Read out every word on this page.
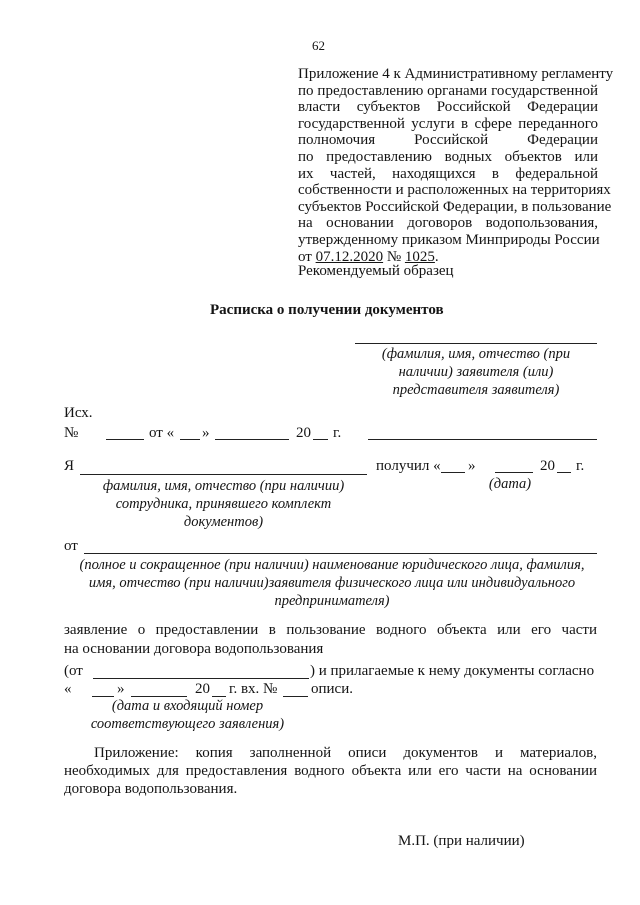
62
Приложение 4 к Административному регламенту
по предоставлению органами государственной
власти субъектов Российской Федерации
государственной услуги в сфере переданного
полномочия Российской Федерации
по предоставлению водных объектов или
их частей, находящихся в федеральной
собственности и расположенных на территориях
субъектов Российской Федерации, в пользование
на основании договоров водопользования,
утвержденному приказом Минприроды России
от 07.12.2020 № 1025.
Рекомендуемый образец
Расписка о получении документов
(фамилия, имя, отчество (при
наличии) заявителя (или)
представителя заявителя)
Исх.
№	от « »	20 г.
Я	получил « »	20 г.
фамилия, имя, отчество (при наличии)
сотрудника, принявшего комплект
документов)
(дата)
от
(полное и сокращенное (при наличии) наименование юридического лица, фамилия,
имя, отчество (при наличии)заявителя физического лица или индивидуального
предпринимателя)
заявление о предоставлении в пользование водного объекта или его части
на основании договора водопользования
(от	) и прилагаемые к нему документы согласно
«	»	20 г. вх. № описи.
(дата и входящий номер
соответствующего заявления)
Приложение: копия заполненной описи документов и материалов,
необходимых для предоставления водного объекта или его части на основании
договора водопользования.
М.П. (при наличии)
